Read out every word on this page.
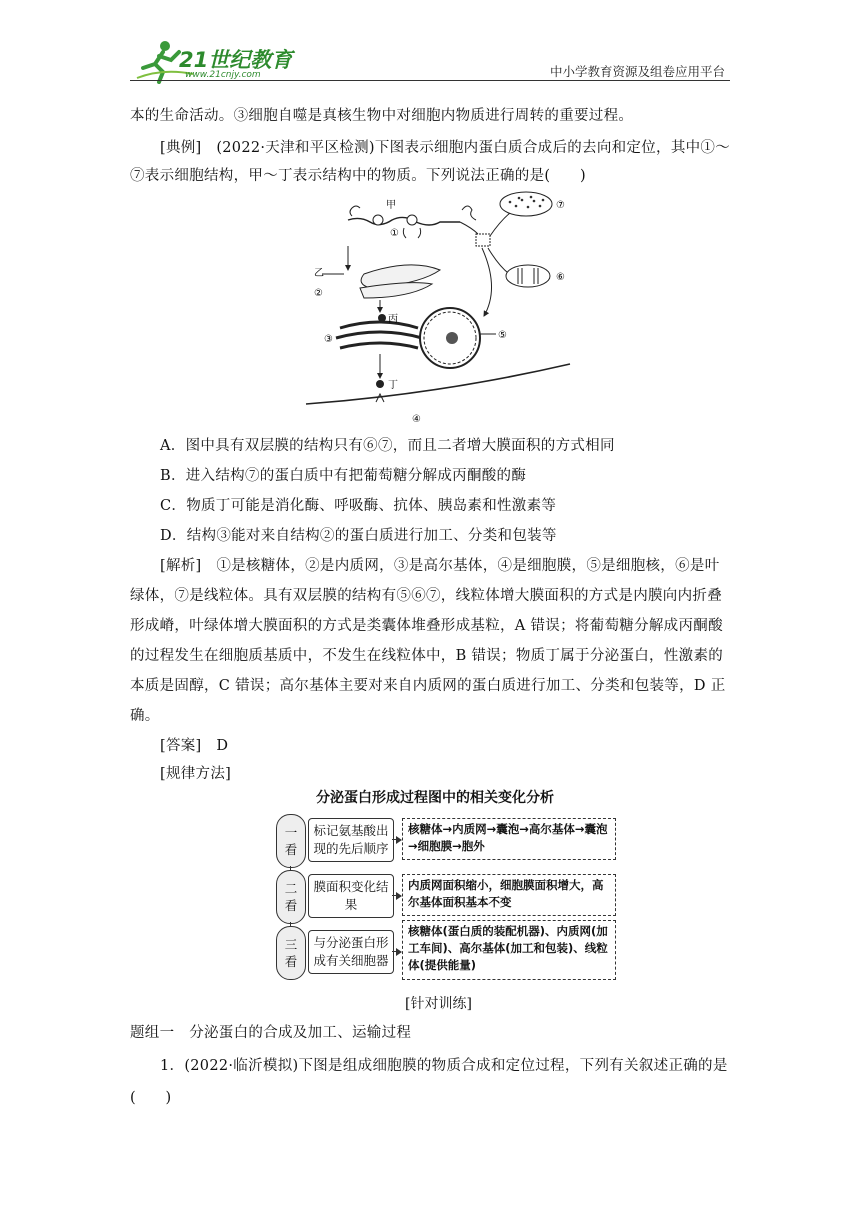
21世纪教育
www.21cnjy.com	中小学教育资源及组卷应用平台
本的生命活动。③细胞自噬是真核生物中对细胞内物质进行周转的重要过程。
[典例]　(2022·天津和平区检测)下图表示细胞内蛋白质合成后的去向和定位，其中①～
⑦表示细胞结构，甲～丁表示结构中的物质。下列说法正确的是(　　)
甲
①
⑦
⑥
乙
②
丙
③	⑤
丁
④
A．图中具有双层膜的结构只有⑥⑦，而且二者增大膜面积的方式相同
B．进入结构⑦的蛋白质中有把葡萄糖分解成丙酮酸的酶
C．物质丁可能是消化酶、呼吸酶、抗体、胰岛素和性激素等
D．结构③能对来自结构②的蛋白质进行加工、分类和包装等
[解析]　①是核糖体，②是内质网，③是高尔基体，④是细胞膜，⑤是细胞核，⑥是叶
绿体，⑦是线粒体。具有双层膜的结构有⑤⑥⑦，线粒体增大膜面积的方式是内膜向内折叠
形成嵴，叶绿体增大膜面积的方式是类囊体堆叠形成基粒，A 错误；将葡萄糖分解成丙酮酸
的过程发生在细胞质基质中，不发生在线粒体中，B 错误；物质丁属于分泌蛋白，性激素的
本质是固醇，C 错误；高尔基体主要对来自内质网的蛋白质进行加工、分类和包装等，D 正
确。
[答案]　D
[规律方法]
分泌蛋白形成过程图中的相关变化分析
一
看
标记氨基酸出现的先后顺序
核糖体→内质网→囊泡→高尔基体→囊泡→细胞膜→胞外
二
看
膜面积变化结果
内质网面积缩小，细胞膜面积增大，高尔基体面积基本不变
三
看
与分泌蛋白形成有关细胞器
核糖体(蛋白质的装配机器)、内质网(加工车间)、高尔基体(加工和包装)、线粒体(提供能量)
[针对训练]
题组一　分泌蛋白的合成及加工、运输过程
1．(2022·临沂模拟)下图是组成细胞膜的物质合成和定位过程，下列有关叙述正确的是
(　　)
